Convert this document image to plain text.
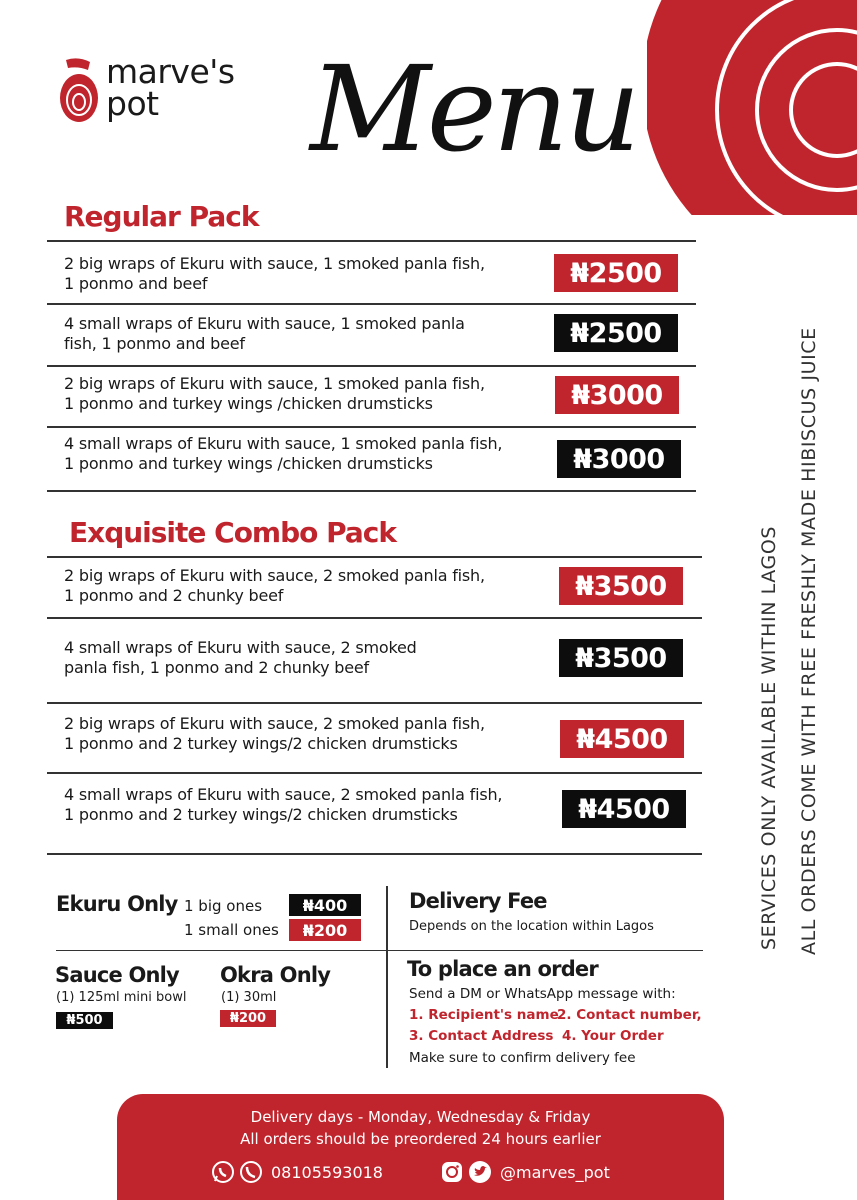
marve's
pot	Menu
Regular Pack
2 big wraps of Ekuru with sauce, 1 smoked panla fish,
1 ponmo and beef	₦2500
4 small wraps of Ekuru with sauce, 1 smoked panla
fish, 1 ponmo and beef	₦2500
2 big wraps of Ekuru with sauce, 1 smoked panla fish,
1 ponmo and turkey wings /chicken drumsticks	₦3000
4 small wraps of Ekuru with sauce, 1 smoked panla fish,
1 ponmo and turkey wings /chicken drumsticks	₦3000
Exquisite Combo Pack
2 big wraps of Ekuru with sauce, 2 smoked panla fish,
1 ponmo and 2 chunky beef	₦3500
4 small wraps of Ekuru with sauce, 2 smoked
panla fish, 1 ponmo and 2 chunky beef	₦3500
2 big wraps of Ekuru with sauce, 2 smoked panla fish,
1 ponmo and 2 turkey wings/2 chicken drumsticks	₦4500
4 small wraps of Ekuru with sauce, 2 smoked panla fish,
1 ponmo and 2 turkey wings/2 chicken drumsticks	₦4500	SERVICES ONLY AVAILABLE WITHIN LAGOS ALL ORDERS COME WITH FREE FRESHLY MADE HIBISCUS JUICE
Ekuru Only 1 big ones	₦400
1 small ones	₦200
Sauce Only
(1) 125ml mini bowl
₦500
Okra Only
(1) 30ml
₦200
Delivery Fee
Depends on the location within Lagos
To place an order
Send a DM or WhatsApp message with:
1. Recipient's name
2. Contact number,
3. Contact Address 4. Your Order
Make sure to confirm delivery fee
Delivery days - Monday, Wednesday & Friday
All orders should be preordered 24 hours earlier
08105593018	@marves_pot
